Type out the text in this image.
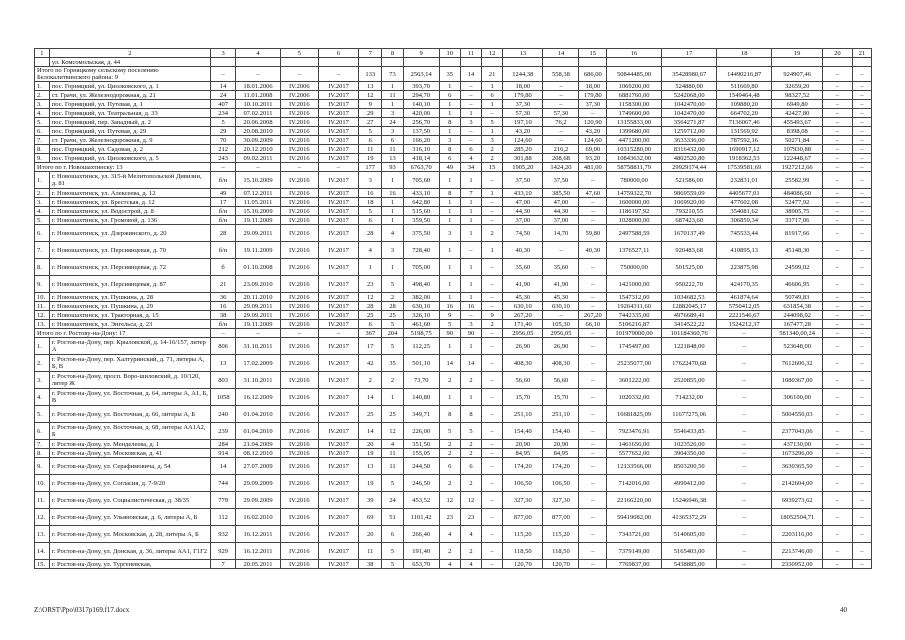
1	2	3	4	5	6	7	8	9	10	11	12	13	14	15	16	17	18	19	20	21
	ул. Комсомольская, д. 44																			
Итого по Горняцкому сельскому поселению Белокалитвинского района: 9		–	–	–	–	133	73	2563,14	35	14	21	1244,38	558,38	686,00	50844485,00	35428980,67	14490216,87	924907,46	–	–
1.	пос. Горняцкий, ул. Циолковского, д. 1	14	18.01.2006	IV.2006	IV.2017	13	1	393,70	1	–	1	18,00	–	18,00	1069200,00	524880,00	511669,80	32659,20	–	–
2.	ст. Грачи, ул. Железнодорожная, д. 21	24	11.01.2008	IV.2006	IV.2017	12	11	294,70	6	–	6	179,80	–	179,80	6881760,00	5242068,00	1549464,48	98327,52	–	–
3.	пос. Горняцкий, ул. Путевая, д. 1	407	10.10.2011	IV.2016	IV.2017	9	1	140,10	1	–	1	37,30	–	37,30	1158300,00	1042470,00	109880,20	6949,80	–	–
4.	пос. Горняцкий, ул. Театральная, д. 33	234	07.02.2011	IV.2016	IV.2017	29	3	420,00	1	1	–	57,30	57,30	–	1749600,00	1042470,00	664702,20	42427,80	–	–
5.	пос. Горняцкий, пер. Западный, д. 2	5	20.06.2008	IV.2016	IV.2017	27	24	256,70	8	3	5	197,10	76,2	120,90	13155833,00	3564271,87	7136067,46	455493,67	–	–
6.	пос. Горняцкий, ул. Путевая, д. 29	29	20.08.2010	IV.2016	IV.2017	5	3	137,50	1	–	1	43,20	–	43,20	1399680,00	1259712,00	131569,92	8398,08	–	–
7.	ст. Грачи, ул. Железнодорожная, д. 9	70	30.09.2009	IV.2016	IV.2017	6	6	166,20	3	–	3	124,60	–	124,60	4471200,00	3633336,00	787592,16	50271,84	–	–
8.	пос. Горняцкий, ул. Садовая, д. 2	212	20.12.2010	IV.2016	IV.2017	11	11	316,10	8	6	2	285,20	216,2	69,00	10315280,00	8316432,00	1690917,12	107930,88	–	–
9.	пос. Горняцкий, ул. Циолковского, д. 5	243	09.02.2011	IV.2016	IV.2017	19	13	418,14	6	4	2	301,88	208,68	93,20	10843632,00	4802520,80	1918362,53	122448,67	–	–
Итого по г. Новошахтинску: 13		–	–	–	–	177	93	6763,70	49	34	15	1905,20	1424,20	481,00	58758811,79	29929174,44	17539581,69	1927212,66	–	–
1.	г. Новошахтинск, ул. 315-й Мелитопольской Дивизии, д. 81	б/н	15.10.2009	IV.2016	IV.2017	3	1	705,60	1	1	–	37,50	37,50	–	780000,00	521586,00	232831,01	25582,99	–	–
2.	г. Новошахтинск, ул. Алексеева, д. 12	49	07.12.2011	IV.2016	IV.2017	16	16	433,10	8	7	1	433,10	385,50	47,60	14759322,70	9869559,09	4405677,01	484086,60	–	–
3.	г. Новошахтинск, ул. Брестская, д. 12	17	11.05.2011	IV.2016	IV.2017	18	1	642,80	1	1	–	47,00	47,00	–	1600000,00	1069920,00	477602,08	52477,92	–	–
4.	г. Новошахтинск, ул. Водострой, д. 8	б/н	15.10.2009	IV.2016	IV.2017	5	1	515,60	1	1	–	44,30	44,30	–	1186197,92	793210,55	354081,62	38905,75	–	–
5.	г. Новошахтинск, ул. Громовой, д. 136	б/н	19.11.2009	IV.2016	IV.2017	6	1	359,50	1	1	–	37,00	37,00	–	1028000,00	687423,60	306859,34	33717,06	–	–
6.	г. Новошахтинск, ул. Дзержинского, д. 20	28	29.09.2011	IV.2016	IV.2017	28	4	375,50	3	1	2	74,50	14,70	59,80	2497588,59	1670137,49	745533,44	81917,66	–	–
7.	г. Новошахтинск, ул. Персиянцевая, д. 70	б/н	19.11.2009	IV.2016	IV.2017	4	3	728,40	1	–	1	40,30	–	40,30	1376527,11	920483,68	410895,13	45148,30	–	–
8.	г. Новошахтинск, ул. Персиянцевая, д. 72	б	01.10.2008	IV.2016	IV.2017	1	1	705,00	1	1	–	35,60	35,60	–	750000,00	501525,00	223875,98	24599,02	–	–
9.	г. Новошахтинск, ул. Персиянцевая, д. 87	21	23.09.2010	IV.2016	IV.2017	23	5	498,40	1	1	–	41,90	41,90	–	1421000,00	950222,70	424170,35	46606,95	–	–
10.	г. Новошахтинск, ул. Пушкина, д. 28	36	20.11.2010	IV.2016	IV.2017	12	2	382,00	1	1	–	45,30	45,30	–	1547312,00	1034682,53	461874,64	50749,83	–	–
11.	г. Новошахтинск, ул. Пушкина, д. 29	16	29.09.2011	IV.2016	IV.2017	28	28	630,10	16	16	–	630,10	630,10	–	19264311,60	12882045,17	5750412,05	631854,38	–	–
12.	г. Новошахтинск, ул. Тракторная, д. 15	38	29.09.2011	IV.2016	IV.2017	25	25	326,10	9	–	9	267,20	–	267,20	7442335,00	4976689,41	2221546,67	244098,92	–	–
13.	г. Новошахтинск, ул. Энгельса, д. 23	б/н	19.11.2009	IV.2016	IV.2017	6	5	461,60	5	3	2	171,40	105,30	66,10	5106216,87	3414522,22	1524212,37	167477,28	–	–
Итого по г. Ростову-на-Дону: 17		–	–	–	–	367	204	5198,75	90	90	–	2956,05	2956,05	–	101979000,00	101184360,76	–	581340,00,24	–	–
1.	г. Ростов-на-Дону, пер. Крыловской, д. 14-16/157, литер А	806	31.10.2011	IV.2016	IV.2017	17	5	112,25	1	1	–	26,90	26,90	–	1745497,00	1221848,00	–	523648,00	–	–
2.	г. Ростов-на-Дону, пер. Халтуринский, д. 71, литеры А, Б, В	13	17.02.2009	IV.2016	IV.2017	42	35	501,10	14	14	–	408,30	408,30	–	25235077,00	17622470,68	–	7612606,32	–	–
3.	г. Ростов-на-Дону, просп. Воро-шиловский, д. 10/120, литер Ж	803	31.10.2011	IV.2016	IV.2017	2	2	73,70	2	2	–	56,60	56,60	–	3601222,00	2520855,00	–	1080367,00	–	–
4.	г. Ростов-на-Дону, ул. Восточная, д. 64, литеры А, А1, Б, В	1058	16.12.2009	IV.2016	IV.2017	14	1	140,80	1	1	–	15,70	15,70	–	1020332,00	714232,00	–	306100,00	–	–
5.	г. Ростов-на-Дону, ул. Восточная, д. 66, литеры А, Б	240	01.04.2010	IV.2016	IV.2017	25	25	349,71	8	8	–	251,10	251,10	–	16681825,09	11677275,06	–	5004550,03	–	–
6.	г. Ростов-на-Дону, ул. Восточная, д. 68, литеры АА1А2, Б	239	01.04.2010	IV.2016	IV.2017	14	12	226,00	5	5	–	154,40	154,40	–	7923476,91	5546433,85	–	2377043,06	–	–
7.	г. Ростов-на-Дону, ул. Менделеева, д. 1	284	21.04.2009	IV.2016	IV.2017	20	4	351,50	2	2	–	20,90	20,90	–	1461656,00	1023526,00	–	437130,00	–	–
8.	г. Ростов-на-Дону, ул. Московская, д. 41	914	08.12.2010	IV.2016	IV.2017	19	11	155,05	2	2	–	84,95	84,95	–	5577652,00	3904356,00	–	1673296,00	–	–
9.	г. Ростов-на-Дону, ул. Серафимовича, д. 54	14	27.07.2009	IV.2016	IV.2017	13	11	244,50	6	6	–	174,20	174,20	–	12133566,00	8503200,50	–	3630365,50	–	–
10.	г. Ростов-на-Дону, ул. Согласия, д. 7-9/20	744	29.09.2009	IV.2016	IV.2017	19	5	246,50	2	2	–	106,50	106,50	–	7142016,00	4999412,00	–	2142604,00	–	–
11.	г. Ростов-на-Дону, ул. Социалистическая, д. 38/35	779	29.09.2009	IV.2016	IV.2017	39	24	453,52	12	12	–	327,30	327,30	–	22166220,00	15246946,38	–	6939273,62	–	–
12.	г. Ростов-на-Дону, ул. Ульяновская, д. 6, литеры А, Б	112	16.02.2010	IV.2016	IV.2017	69	51	1101,42	23	23	–	877,00	877,00	–	59419082,00	41365372,29	–	18052504,71	–	–
13.	г. Ростов-на-Дону, ул. Московская, д. 28, литеры А, Б	932	16.12.2011	IV.2016	IV.2017	20	6	266,40	4	4	–	115,20	115,20	–	7343721,00	5140605,00	–	2203116,00	–	–
14.	г. Ростов-на-Дону, ул. Донская, д. 36, литеры АА1, Г1Г2	929	16.12.2011	IV.2016	IV.2017	11	5	191,40	2	2	–	118,50	118,50	–	7379149,00	5165403,00	–	2213746,00	–	–
15.	г. Ростов-на-Дону, ул. Тургеневская,	7	20.05.2011	IV.2016	IV.2017	38	5	653,70	4	4	–	120,70	120,70	–	7769837,00	5438885,00	–	2330952,00	–	–
Z:\ORST\Ppo\0317p169.f17.docx	40
